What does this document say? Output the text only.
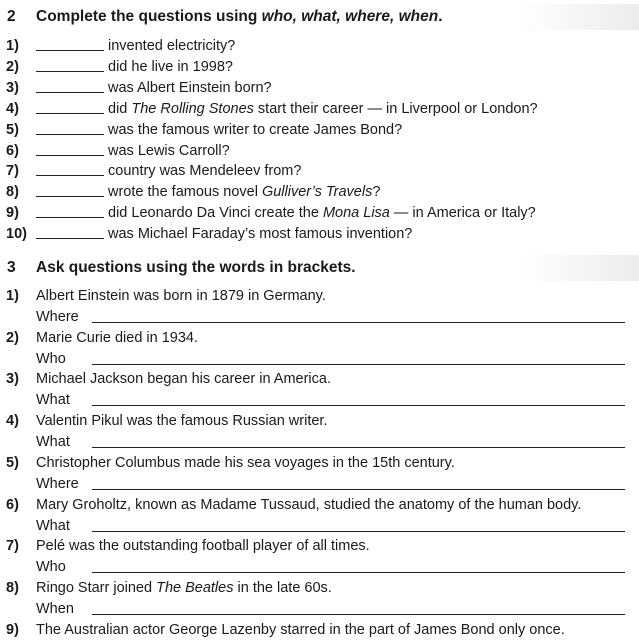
2 Complete the questions using who, what, where, when.
1)	invented electricity?
2)	did he live in 1998?
3)	was Albert Einstein born?
4)	did The Rolling Stones start their career — in Liverpool or London?
5)	was the famous writer to create James Bond?
6)	was Lewis Carroll?
7)	country was Mendeleev from?
8)	wrote the famous novel Gulliver’s Travels?
9)	did Leonardo Da Vinci create the Mona Lisa — in America or Italy?
10)	was Michael Faraday’s most famous invention?
3 Ask questions using the words in brackets.
1)	Albert Einstein was born in 1879 in Germany.
Where
2)	Marie Curie died in 1934.
Who
3)	Michael Jackson began his career in America.
What
4)	Valentin Pikul was the famous Russian writer.
What
5)	Christopher Columbus made his sea voyages in the 15th century.
Where
6)	Mary Groholtz, known as Madame Tussaud, studied the anatomy of the human body.
What
7)	Pelé was the outstanding football player of all times.
Who
8)	Ringo Starr joined The Beatles in the late 60s.
When
9)	The Australian actor George Lazenby starred in the part of James Bond only once.
